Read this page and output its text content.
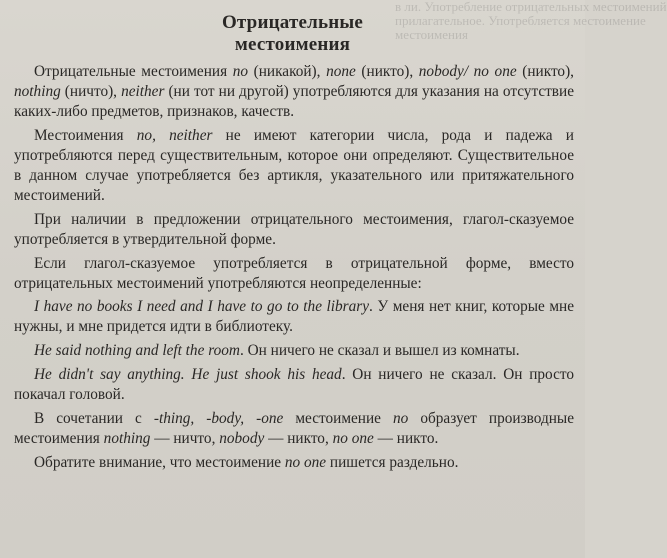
в ли. Употребление отрицательных местоимений
прилагательное. Употребляется местоимение
местоимения
Отрицательные
местоимения

Отрицательные местоимения no (никакой), none (никто), nobody/ no one (никто), nothing (ничто), neither (ни тот ни другой) употребляются для указания на отсутствие каких-либо предметов, признаков, качеств.

Местоимения no, neither не имеют категории числа, рода и падежа и употребляются перед существительным, которое они определяют. Существительное в данном случае употребляется без артикля, указательного или притяжательного местоимений.

При наличии в предложении отрицательного местоимения, глагол-сказуемое употребляется в утвердительной форме.

Если глагол-сказуемое употребляется в отрицательной форме, вместо отрицательных местоимений употребляются неопределенные:

I have no books I need and I have to go to the library. У меня нет книг, которые мне нужны, и мне придется идти в библиотеку.

He said nothing and left the room. Он ничего не сказал и вышел из комнаты.

He didn't say anything. He just shook his head. Он ничего не сказал. Он просто покачал головой.

В сочетании с -thing, -body, -one местоимение no образует производные местоимения nothing — ничто, nobody — никто, no one — никто.

Обратите внимание, что местоимение no one пишется раздельно.
